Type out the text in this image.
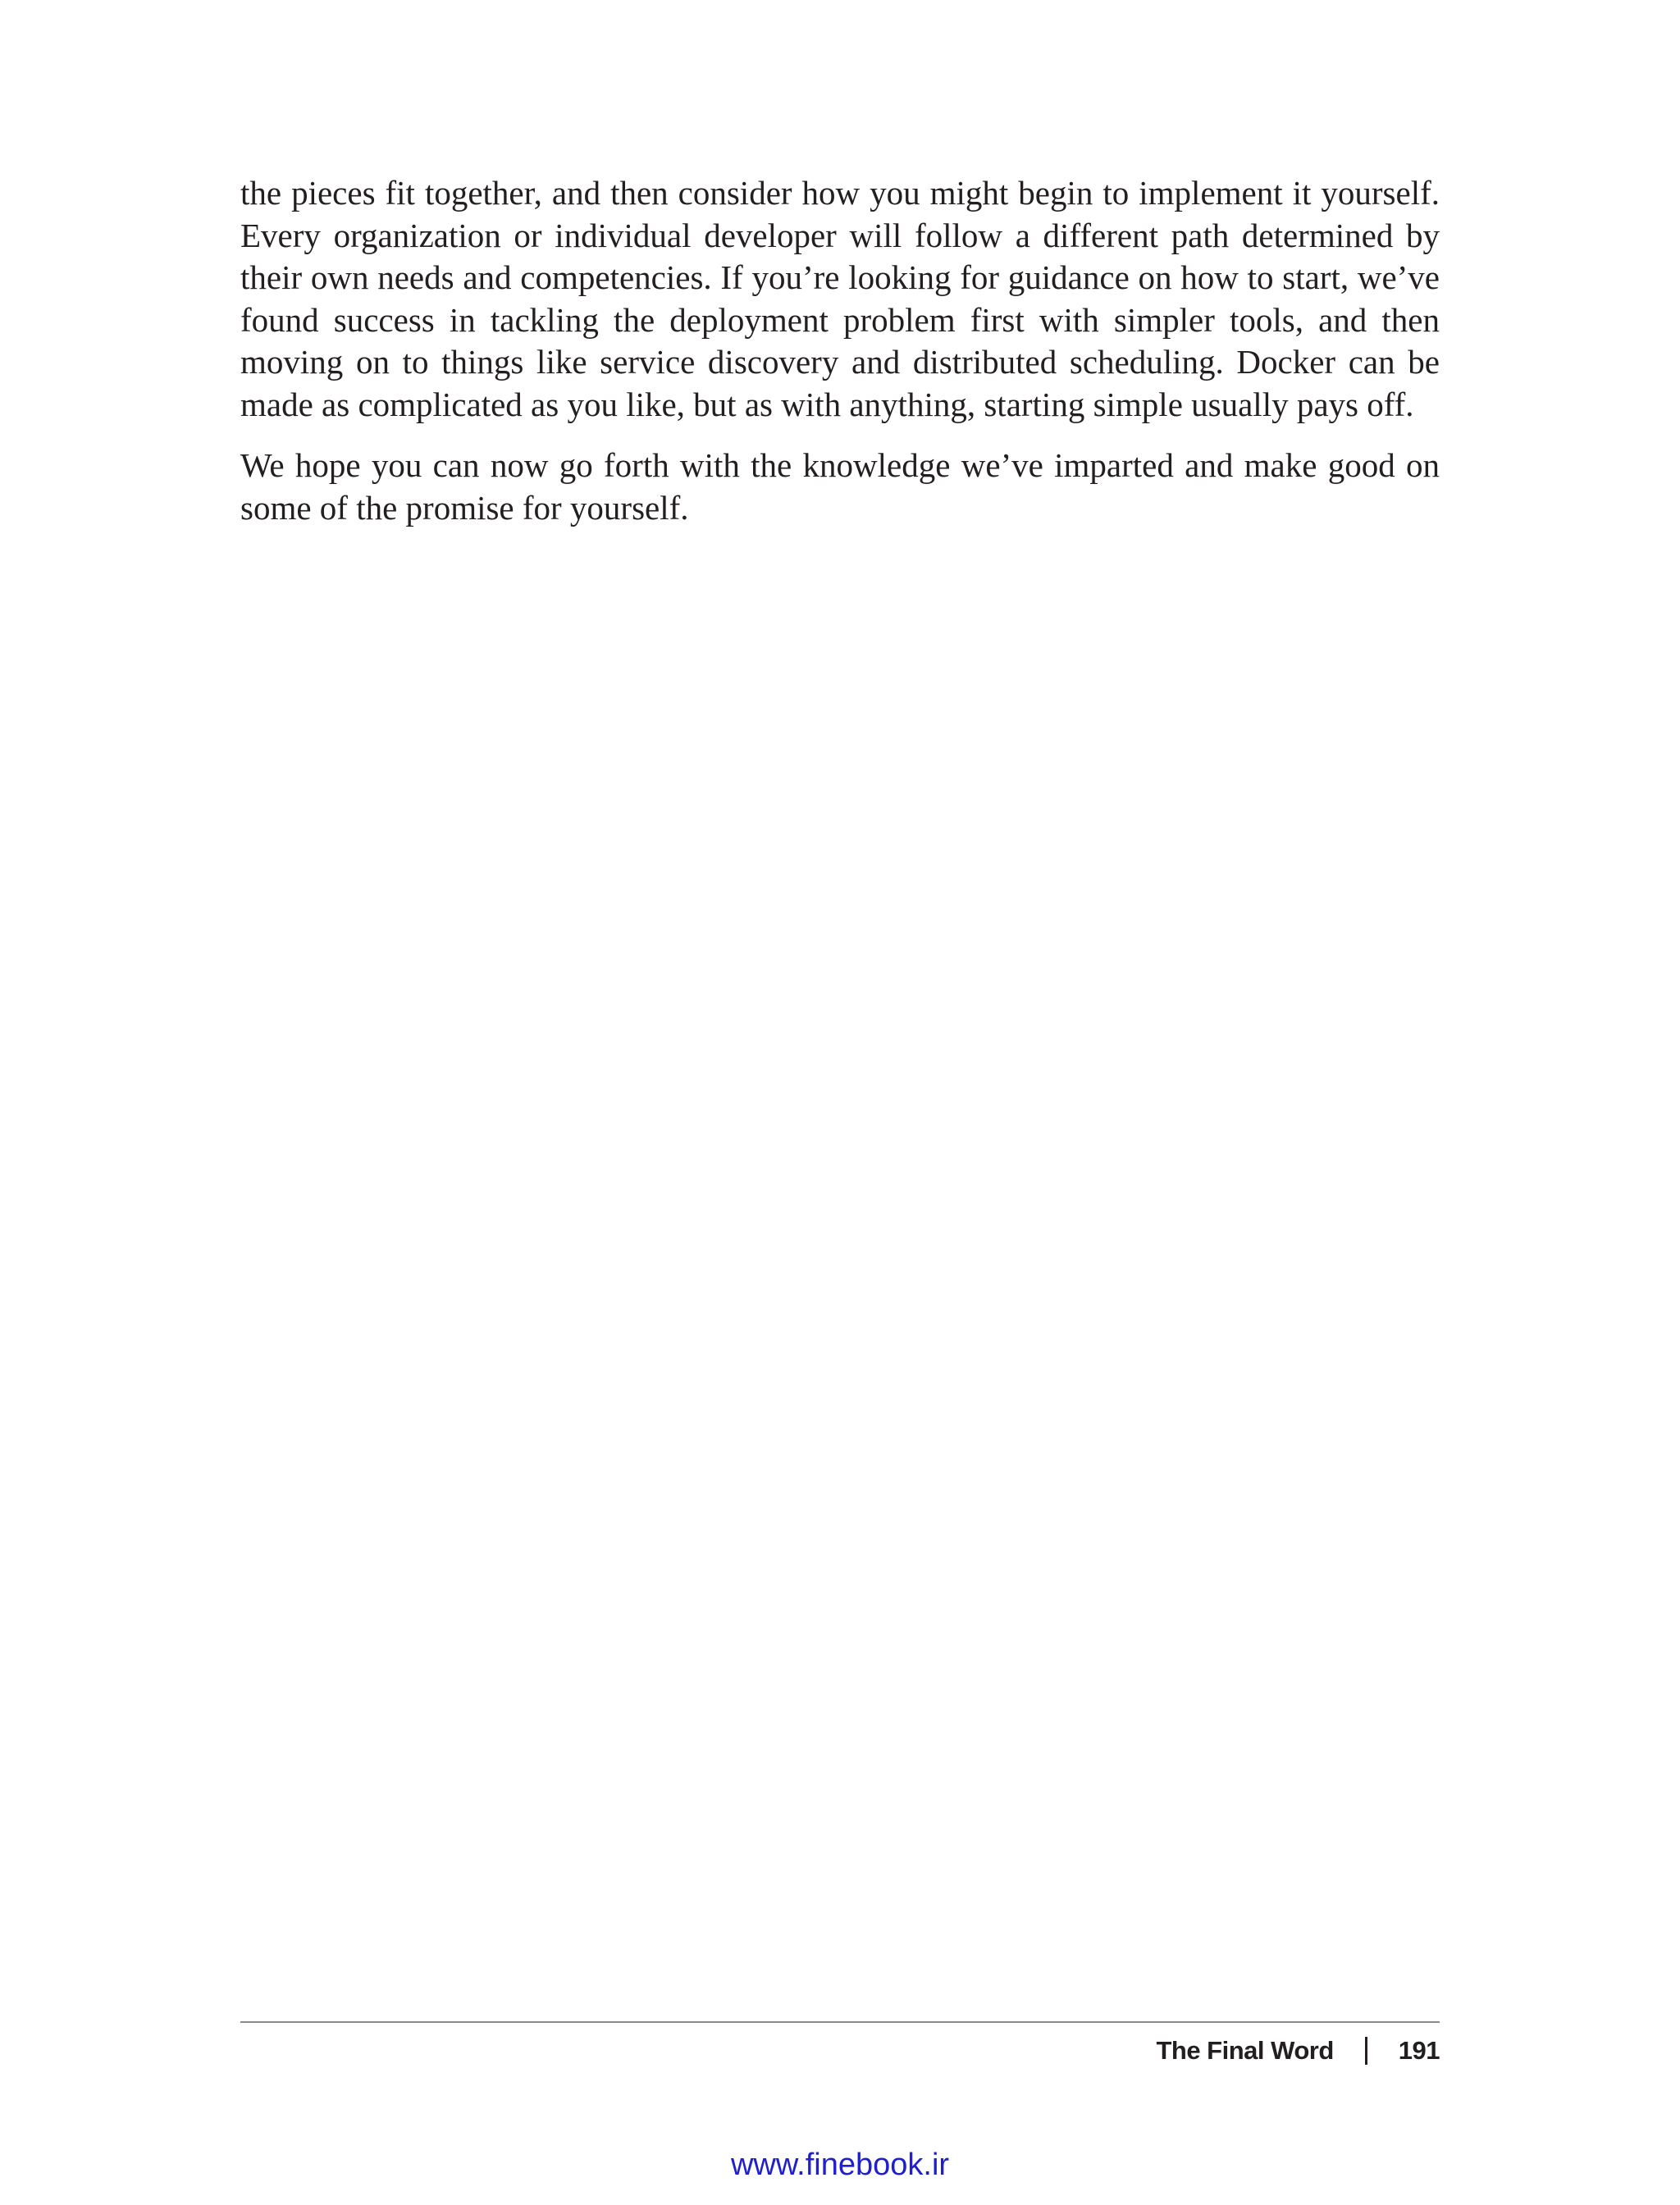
the pieces fit together, and then consider how you might begin to implement it yourself. Every organization or individual developer will follow a different path determined by their own needs and competencies. If you’re looking for guidance on how to start, we’ve found success in tackling the deployment problem first with simpler tools, and then moving on to things like service discovery and distributed scheduling. Docker can be made as complicated as you like, but as with anything, starting simple usually pays off.

We hope you can now go forth with the knowledge we’ve imparted and make good on some of the promise for yourself.

The Final Word	191
www.finebook.ir
